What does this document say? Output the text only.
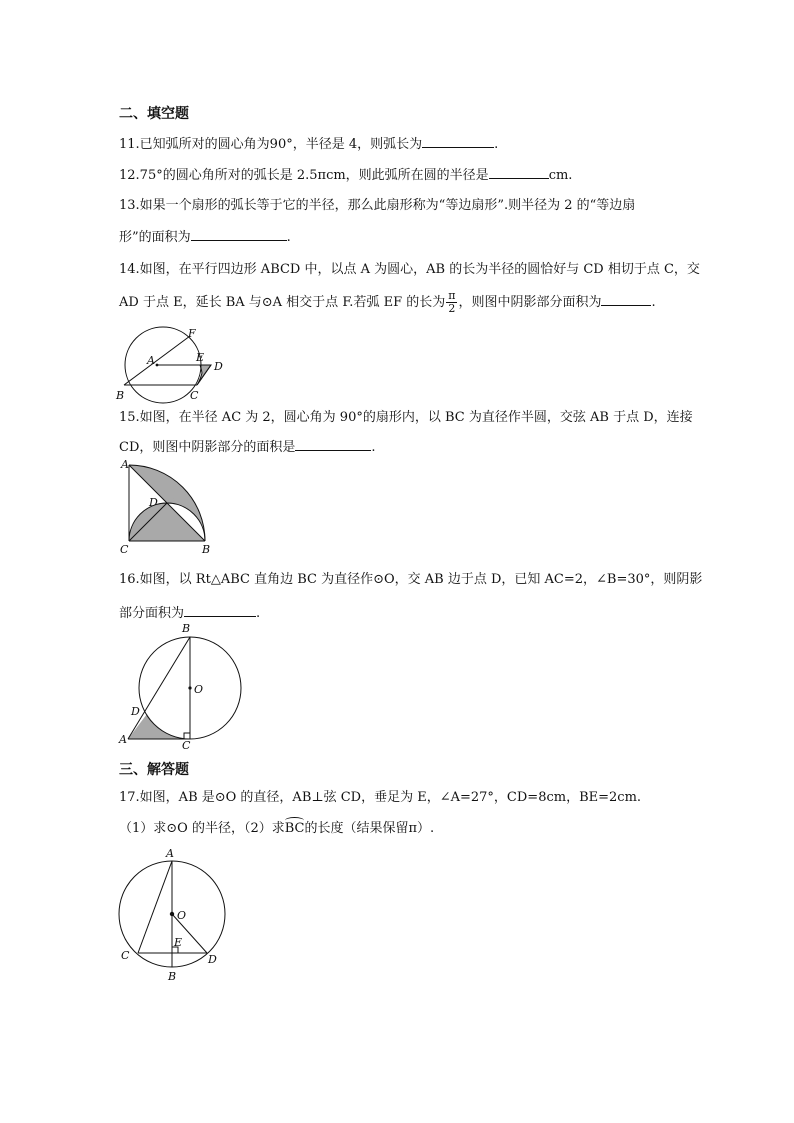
二、填空题
11.已知弧所对的圆心角为90°，半径是 4，则弧长为	.
12.75°的圆心角所对的弧长是 2.5πcm，则此弧所在圆的半径是	cm.
13.如果一个扇形的弧长等于它的半径，那么此扇形称为“等边扇形”.则半径为 2 的“等边扇
形”的面积为	.
14.如图，在平行四边形 ABCD 中，以点 A 为圆心，AB 的长为半径的圆恰好与 CD 相切于点 C，交
AD 于点 E，延长 BA 与⊙A 相交于点 F.若弧 EF 的长为 $\frac{\pi}{2}$ ，则图中阴影部分面积为	.
A
F
E
D
B	C
15.如图，在半径 AC 为 2，圆心角为 90°的扇形内，以 BC 为直径作半圆，交弦 AB 于点 D，连接
CD，则图中阴影部分的面积是	.
A
D
C	B
16.如图，以 Rt△ABC 直角边 BC 为直径作⊙O，交 AB 边于点 D，已知 AC=2，∠B=30°，则阴影
部分面积为	.
B
O
D
A	C
三、解答题
17.如图，AB 是⊙O 的直径，AB⊥弦 CD，垂足为 E，∠A=27°，CD=8cm，BE=2cm.
（1）求⊙O 的半径，（2）求BC的长度（结果保留π）.
A
O
E
C	D
B
